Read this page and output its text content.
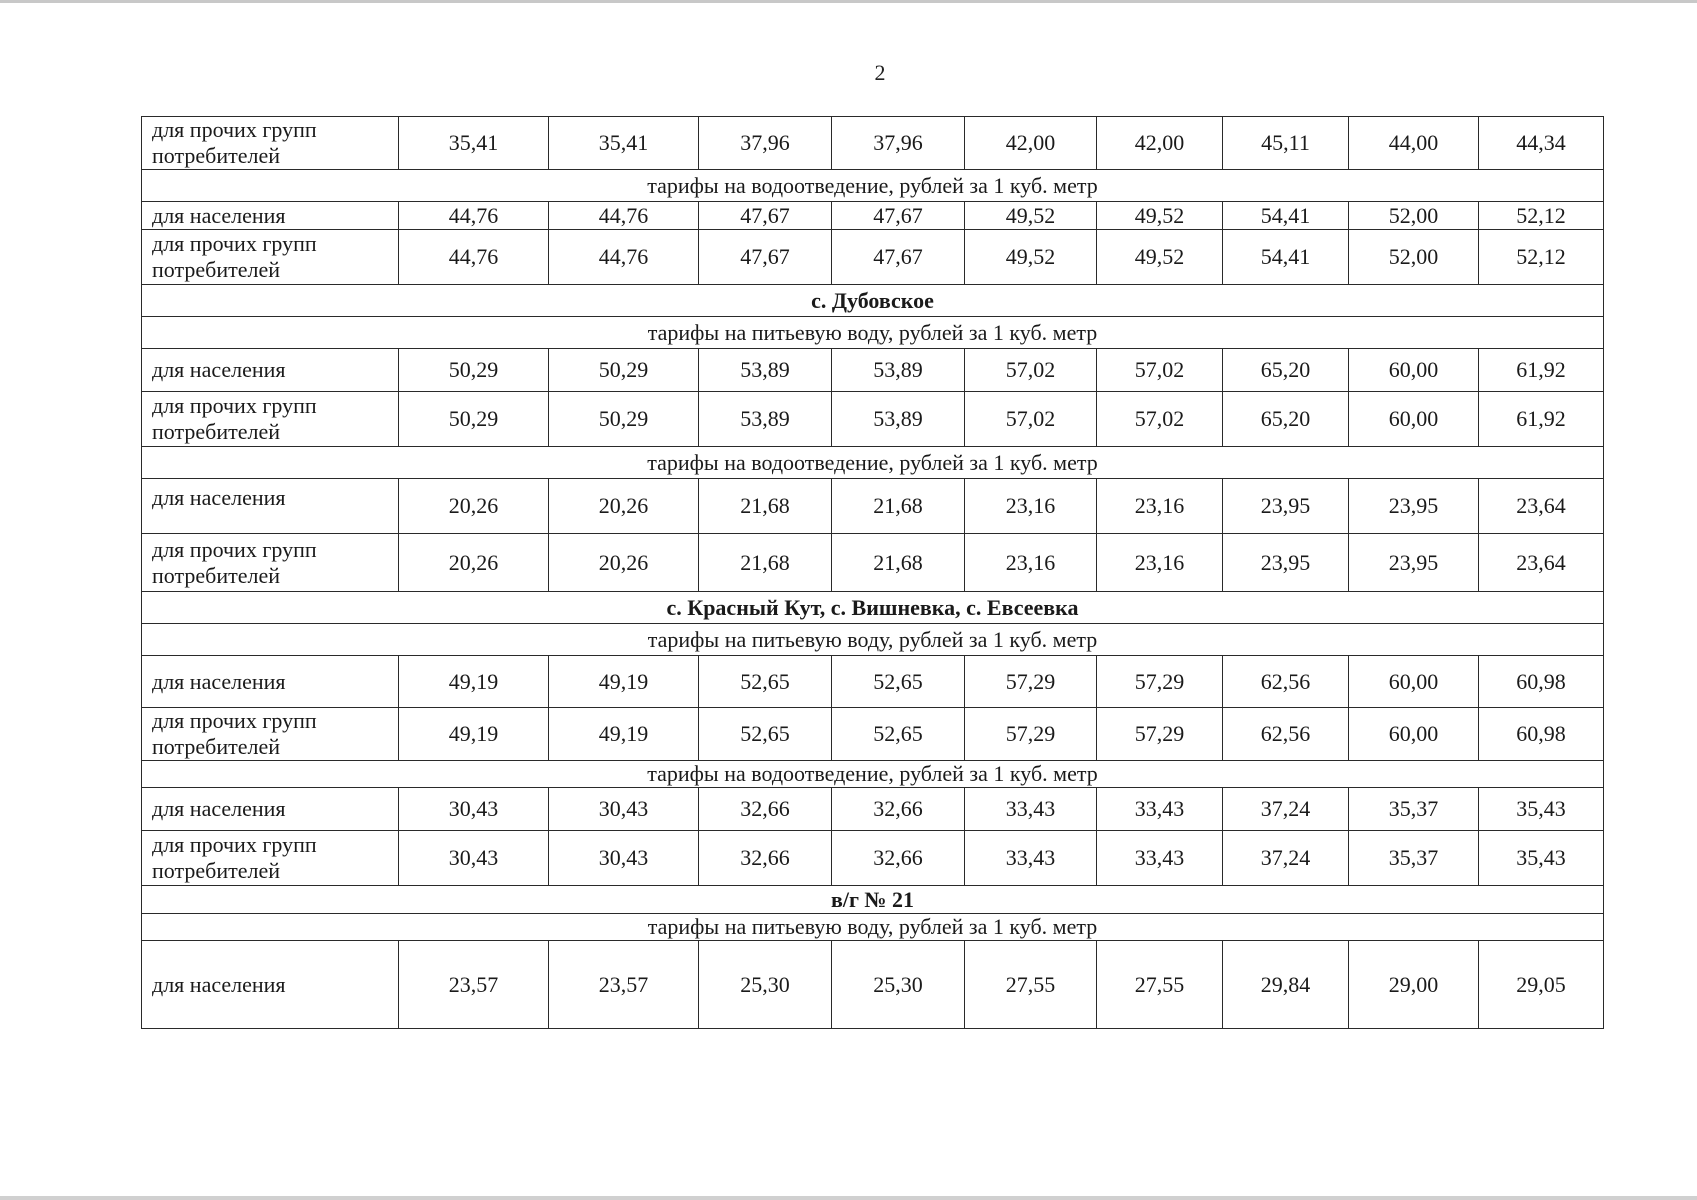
2
для прочих групп потребителей	35,41	35,41	37,96	37,96	42,00	42,00	45,11	44,00	44,34
тарифы на водоотведение, рублей за 1 куб. метр									
для населения	44,76	44,76	47,67	47,67	49,52	49,52	54,41	52,00	52,12
для прочих групп потребителей	44,76	44,76	47,67	47,67	49,52	49,52	54,41	52,00	52,12
с. Дубовское									
тарифы на питьевую воду, рублей за 1 куб. метр									
для населения	50,29	50,29	53,89	53,89	57,02	57,02	65,20	60,00	61,92
для прочих групп потребителей	50,29	50,29	53,89	53,89	57,02	57,02	65,20	60,00	61,92
тарифы на водоотведение, рублей за 1 куб. метр									
для населения	20,26	20,26	21,68	21,68	23,16	23,16	23,95	23,95	23,64
для прочих групп потребителей	20,26	20,26	21,68	21,68	23,16	23,16	23,95	23,95	23,64
с. Красный Кут, с. Вишневка, с. Евсеевка									
тарифы на питьевую воду, рублей за 1 куб. метр									
для населения	49,19	49,19	52,65	52,65	57,29	57,29	62,56	60,00	60,98
для прочих групп потребителей	49,19	49,19	52,65	52,65	57,29	57,29	62,56	60,00	60,98
тарифы на водоотведение, рублей за 1 куб. метр									
для населения	30,43	30,43	32,66	32,66	33,43	33,43	37,24	35,37	35,43
для прочих групп потребителей	30,43	30,43	32,66	32,66	33,43	33,43	37,24	35,37	35,43
в/г № 21									
тарифы на питьевую воду, рублей за 1 куб. метр									
для населения	23,57	23,57	25,30	25,30	27,55	27,55	29,84	29,00	29,05
